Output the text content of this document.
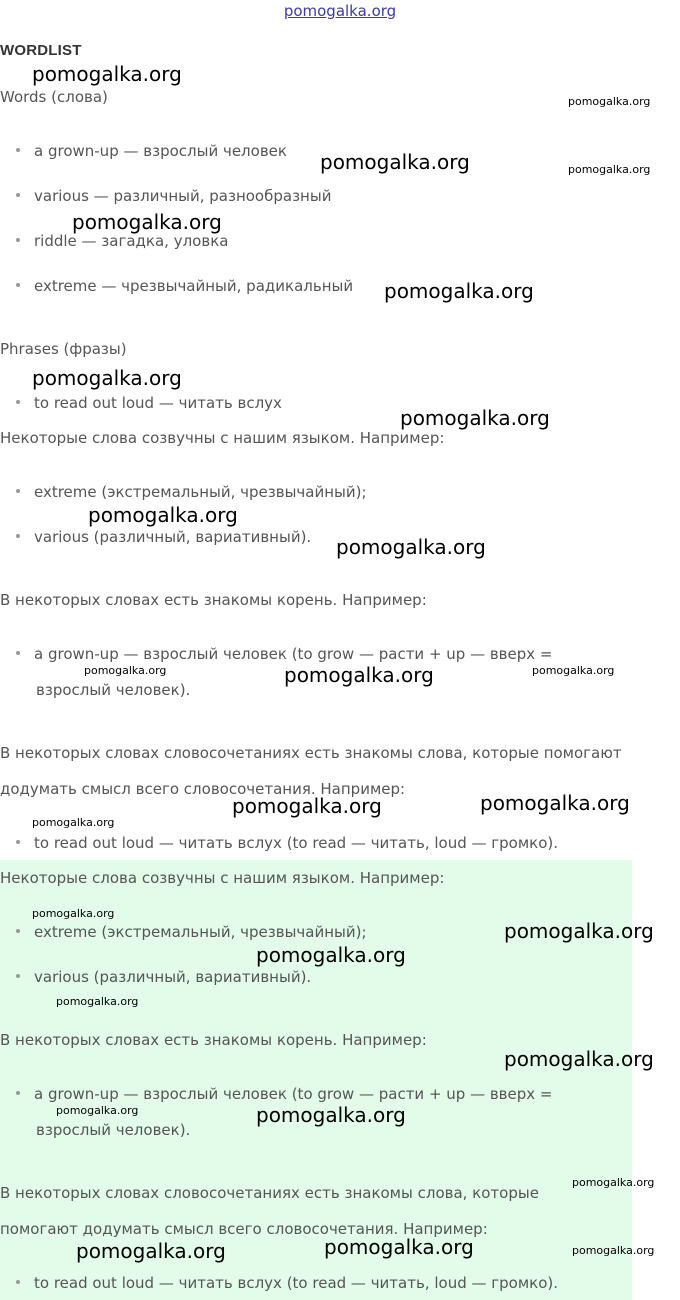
pomogalka.org
WORDLIST
Words (слова)
a grown-up — взрослый человек
various — различный, разнообразный
riddle — загадка, уловка
extreme — чрезвычайный, радикальный
Phrases (фразы)
to read out loud — читать вслух
Некоторые слова созвучны с нашим языком. Например:
extreme (экстремальный, чрезвычайный);
various (различный, вариативный).
В некоторых словах есть знакомы корень. Например:
a grown-up — взрослый человек (to grow — расти + up — вверх =
взрослый человек).
В некоторых словах словосочетаниях есть знакомы слова, которые помогают
додумать смысл всего словосочетания. Например:
to read out loud — читать вслух (to read — читать, loud — громко).
Некоторые слова созвучны с нашим языком. Например:
extreme (экстремальный, чрезвычайный);
various (различный, вариативный).
В некоторых словах есть знакомы корень. Например:
a grown-up — взрослый человек (to grow — расти + up — вверх =
взрослый человек).
В некоторых словах словосочетаниях есть знакомы слова, которые
помогают додумать смысл всего словосочетания. Например:
to read out loud — читать вслух (to read — читать, loud — громко).
pomogalka.org
pomogalka.org
pomogalka.org	pomogalka.org
pomogalka.org
pomogalka.org
pomogalka.org
pomogalka.org
pomogalka.org
pomogalka.org
pomogalka.org	pomogalka.org	pomogalka.org
pomogalka.org	pomogalka.org
pomogalka.org
pomogalka.org
pomogalka.org
pomogalka.org
pomogalka.org
pomogalka.org
pomogalka.org	pomogalka.org
pomogalka.org
pomogalka.org	pomogalka.org	pomogalka.org
